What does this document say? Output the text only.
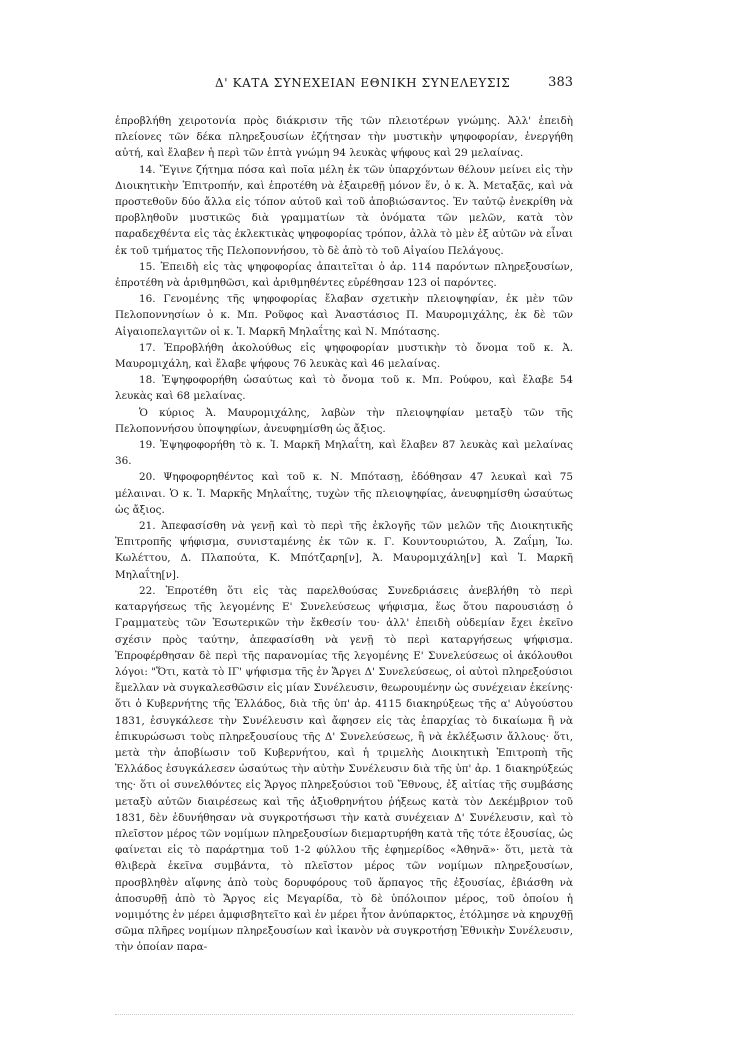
Δ' ΚΑΤΑ ΣΥΝΕΧΕΙΑΝ ΕΘΝΙΚΗ ΣΥΝΕΛΕΥΣΙΣ	383

ἐπροβλήθη χειροτονία πρὸς διάκρισιν τῆς τῶν πλειοτέρων γνώμης. Ἀλλ' ἐπειδὴ πλείονες τῶν δέκα πληρεξουσίων ἐζήτησαν τὴν μυστικὴν ψηφοφορίαν, ἐνεργήθη αὐτή, καὶ ἔλαβεν ἡ περὶ τῶν ἑπτὰ γνώμη 94 λευκὰς ψήφους καὶ 29 μελαίνας.

14. Ἔγινε ζήτημα πόσα καὶ ποῖα μέλη ἐκ τῶν ὑπαρχόντων θέλουν μείνει εἰς τὴν Διοικητικὴν Ἐπιτροπήν, καὶ ἐπροτέθη νὰ ἐξαιρεθῇ μόνον ἕν, ὁ κ. Ἀ. Μεταξᾶς, καὶ νὰ προστεθοῦν δύο ἄλλα εἰς τόπον αὐτοῦ καὶ τοῦ ἀποβιώσαντος. Ἐν ταὐτῷ ἐνεκρίθη νὰ προβληθοῦν μυστικῶς διὰ γραμματίων τὰ ὀνόματα τῶν μελῶν, κατὰ τὸν παραδεχθέντα εἰς τὰς ἐκλεκτικὰς ψηφοφορίας τρόπον, ἀλλὰ τὸ μὲν ἐξ αὐτῶν νὰ εἶναι ἐκ τοῦ τμήματος τῆς Πελοποννήσου, τὸ δὲ ἀπὸ τὸ τοῦ Αἰγαίου Πελάγους.

15. Ἐπειδὴ εἰς τὰς ψηφοφορίας ἀπαιτεῖται ὁ ἀρ. 114 παρόντων πληρεξουσίων, ἐπροτέθη νὰ ἀριθμηθῶσι, καὶ ἀριθμηθέντες εὑρέθησαν 123 οἱ παρόντες.

16. Γενομένης τῆς ψηφοφορίας ἔλαβαν σχετικὴν πλειοψηφίαν, ἐκ μὲν τῶν Πελοποννησίων ὁ κ. Μπ. Ροῦφος καὶ Ἀναστάσιος Π. Μαυρομιχάλης, ἐκ δὲ τῶν Αἰγαιοπελαγιτῶν οἱ κ. Ἰ. Μαρκῆ Μηλαΐτης καὶ Ν. Μπότασης.

17. Ἐπροβλήθη ἀκολούθως εἰς ψηφοφορίαν μυστικὴν τὸ ὄνομα τοῦ κ. Ἀ. Μαυρομιχάλη, καὶ ἔλαβε ψήφους 76 λευκὰς καὶ 46 μελαίνας.

18. Ἐψηφοφορήθη ὡσαύτως καὶ τὸ ὄνομα τοῦ κ. Μπ. Ρούφου, καὶ ἔλαβε 54 λευκὰς καὶ 68 μελαίνας.

Ὁ κύριος Ἀ. Μαυρομιχάλης, λαβὼν τὴν πλειοψηφίαν μεταξὺ τῶν τῆς Πελοποννήσου ὑποψηφίων, ἀνευφημίσθη ὡς ἄξιος.

19. Ἐψηφοφορήθη τὸ κ. Ἰ. Μαρκῆ Μηλαΐτη, καὶ ἔλαβεν 87 λευκὰς καὶ μελαίνας 36.

20. Ψηφοφορηθέντος καὶ τοῦ κ. Ν. Μπότασῃ, ἐδόθησαν 47 λευκαὶ καὶ 75 μέλαιναι. Ὁ κ. Ἰ. Μαρκῆς Μηλαΐτης, τυχὼν τῆς πλειοψηφίας, ἀνευφημίσθη ὡσαύτως ὡς ἄξιος.

21. Ἀπεφασίσθη νὰ γενῇ καὶ τὸ περὶ τῆς ἐκλογῆς τῶν μελῶν τῆς Διοικητικῆς Ἐπιτροπῆς ψήφισμα, συνισταμένης ἐκ τῶν κ. Γ. Κουντουριώτου, Ἀ. Ζαΐμη, Ἰω. Κωλέττου, Δ. Πλαπούτα, Κ. Μπότζαρη[ν], Ἀ. Μαυρομιχάλη[ν] καὶ Ἰ. Μαρκῆ Μηλαΐτη[ν].

22. Ἐπροτέθη ὅτι εἰς τὰς παρελθούσας Συνεδριάσεις ἀνεβλήθη τὸ περὶ καταργήσεως τῆς λεγομένης Ε' Συνελεύσεως ψήφισμα, ἕως ὅτου παρουσιάσῃ ὁ Γραμματεὺς τῶν Ἐσωτερικῶν τὴν ἔκθεσίν του· ἀλλ' ἐπειδὴ οὐδεμίαν ἔχει ἐκεῖνο σχέσιν πρὸς ταύτην, ἀπεφασίσθη νὰ γενῇ τὸ περὶ καταργήσεως ψήφισμα. Ἐπροφέρθησαν δὲ περὶ τῆς παρανομίας τῆς λεγομένης Ε' Συνελεύσεως οἱ ἀκόλουθοι λόγοι: "Ὅτι, κατὰ τὸ ΙΓ' ψήφισμα τῆς ἐν Ἄργει Δ' Συνελεύσεως, οἱ αὐτοὶ πληρεξούσιοι ἔμελλαν νὰ συγκαλεσθῶσιν εἰς μίαν Συνέλευσιν, θεωρουμένην ὡς συνέχειαν ἐκείνης· ὅτι ὁ Κυβερνήτης τῆς Ἑλλάδος, διὰ τῆς ὑπ' ἀρ. 4115 διακηρύξεως τῆς α' Αὐγούστου 1831, ἐσυγκάλεσε τὴν Συνέλευσιν καὶ ἄφησεν εἰς τὰς ἐπαρχίας τὸ δικαίωμα ἢ νὰ ἐπικυρώσωσι τοὺς πληρεξουσίους τῆς Δ' Συνελεύσεως, ἢ νὰ ἐκλέξωσιν ἄλλους· ὅτι, μετὰ τὴν ἀποβίωσιν τοῦ Κυβερνήτου, καὶ ἡ τριμελὴς Διοικητικὴ Ἐπιτροπὴ τῆς Ἑλλάδος ἐσυγκάλεσεν ὡσαύτως τὴν αὐτὴν Συνέλευσιν διὰ τῆς ὑπ' ἀρ. 1 διακηρύξεώς της· ὅτι οἱ συνελθόντες εἰς Ἄργος πληρεξούσιοι τοῦ Ἔθνους, ἐξ αἰτίας τῆς συμβάσης μεταξὺ αὐτῶν διαιρέσεως καὶ τῆς ἀξιοθρηνήτου ῥήξεως κατὰ τὸν Δεκέμβριον τοῦ 1831, δὲν ἐδυνήθησαν νὰ συγκροτήσωσι τὴν κατὰ συνέχειαν Δ' Συνέλευσιν, καὶ τὸ πλεῖστον μέρος τῶν νομίμων πληρεξουσίων διεμαρτυρήθη κατὰ τῆς τότε ἐξουσίας, ὡς φαίνεται εἰς τὸ παράρτημα τοῦ 1-2 φύλλου τῆς ἐφημερίδος «Ἀθηνᾶ»· ὅτι, μετὰ τὰ θλιβερὰ ἐκεῖνα συμβάντα, τὸ πλεῖστον μέρος τῶν νομίμων πληρεξουσίων, προσβληθὲν αἴφνης ἀπὸ τοὺς δορυφόρους τοῦ ἅρπαγος τῆς ἐξουσίας, ἐβιάσθη νὰ ἀποσυρθῇ ἀπὸ τὸ Ἄργος εἰς Μεγαρίδα, τὸ δὲ ὑπόλοιπον μέρος, τοῦ ὁποίου ἡ νομιμότης ἐν μέρει ἀμφισβητεῖτο καὶ ἐν μέρει ἦτον ἀνύπαρκτος, ἐτόλμησε νὰ κηρυχθῇ σῶμα πλῆρες νομίμων πληρεξουσίων καὶ ἱκανὸν νὰ συγκροτήσῃ Ἐθνικὴν Συνέλευσιν, τὴν ὁποίαν παρα-
